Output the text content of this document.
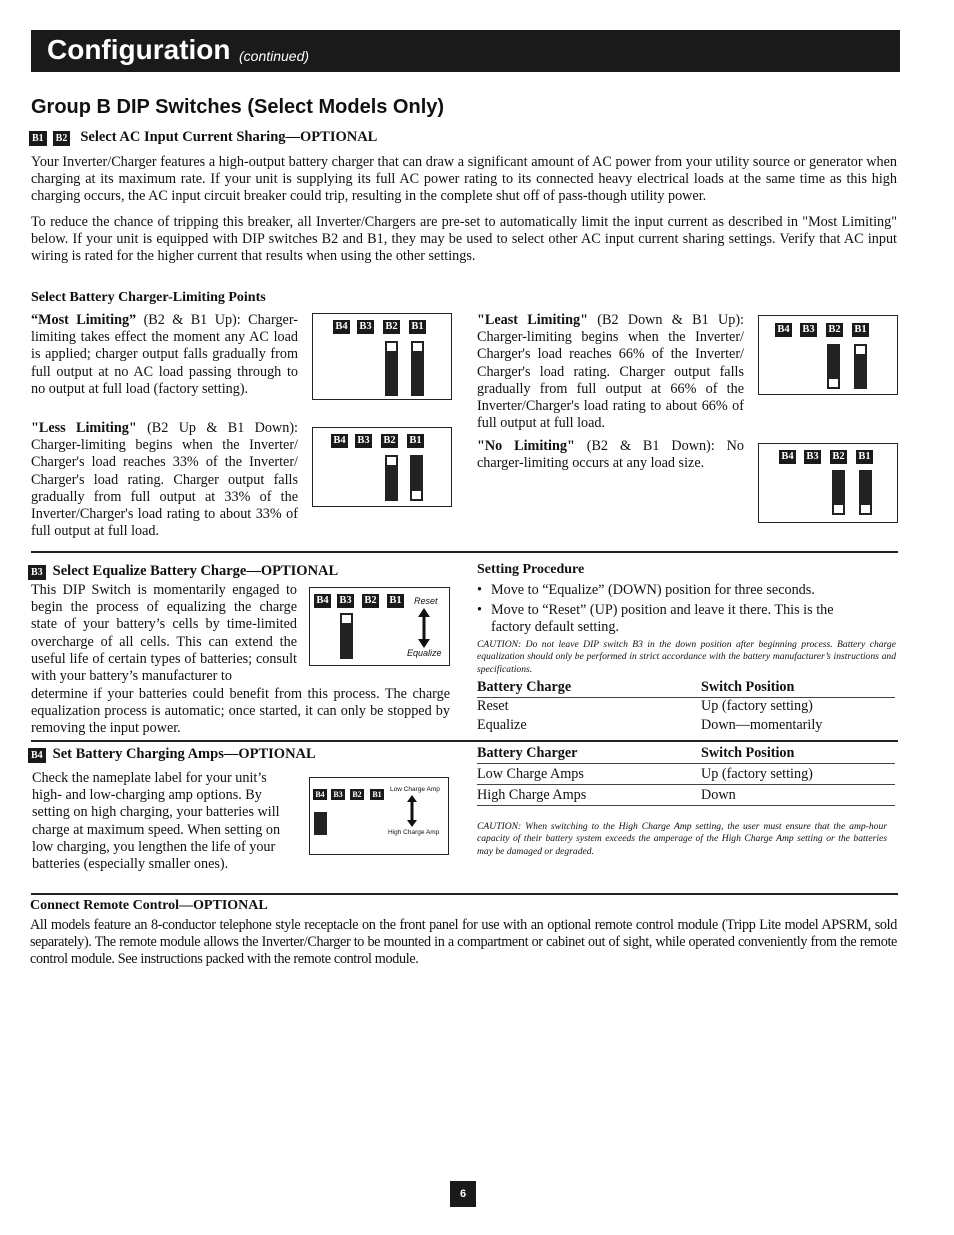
Configuration (continued)
Group B DIP Switches (Select Models Only)
B1 B2 Select AC Input Current Sharing—OPTIONAL
Your Inverter/Charger features a high-output battery charger that can draw a significant amount of AC power from your utility source or generator when charging at its maximum rate. If your unit is supplying its full AC power rating to its connected heavy electrical loads at the same time as this high charging occurs, the AC input circuit breaker could trip, resulting in the complete shut off of pass-though utility power.
To reduce the chance of tripping this breaker, all Inverter/Chargers are pre-set to automatically limit the input current as described in "Most Limiting" below. If your unit is equipped with DIP switches B2 and B1, they may be used to select other AC input current sharing settings. Verify that AC input wiring is rated for the higher current that results when using the other settings.
Select Battery Charger-Limiting Points
“Most Limiting” (B2 & B1 Up): Charger-limiting takes effect the moment any AC load is applied; charger output falls gradually from full output at no AC load passing through to no output at full load (factory setting).
"Less Limiting" (B2 Up & B1 Down): Charger-limiting begins when the Inverter/ Charger's load reaches 33% of the Inverter/ Charger's load rating. Charger output falls gradually from full output at 33% of the Inverter/Charger's load rating to about 33% of full output at full load.
"Least Limiting" (B2 Down & B1 Up): Charger-limiting begins when the Inverter/ Charger's load reaches 66% of the Inverter/ Charger's load rating. Charger output falls gradually from full output at 66% of the Inverter/Charger's load rating to about 66% of full output at full load.
"No Limiting" (B2 & B1 Down): No charger-limiting occurs at any load size.
B4 B3 B2 B1
B4 B3 B2 B1
B4 B3 B2 B1
B4 B3 B2 B1
B3 Select Equalize Battery Charge—OPTIONAL
This DIP Switch is momentarily engaged to begin the process of equalizing the charge state of your battery’s cells by time-limited overcharge of all cells. This can extend the useful life of certain types of batteries; consult with your battery’s manufacturer to
determine if your batteries could benefit from this process. The charge equalization process is automatic; once started, it can only be stopped by removing the input power.
B4 B3 B2 B1 Reset
Equalize
Setting Procedure
• Move to “Equalize” (DOWN) position for three seconds.
• Move to “Reset” (UP) position and leave it there. This is the factory default setting.
CAUTION: Do not leave DIP switch B3 in the down position after beginning process. Battery charge equalization should only be performed in strict accordance with the battery manufacturer’s instructions and specifications.
Battery Charge	Switch Position
Reset	Up (factory setting)
Equalize	Down—momentarily
B4 Set Battery Charging Amps—OPTIONAL
Check the nameplate label for your unit’s high- and low-charging amp options. By setting on high charging, your batteries will charge at maximum speed. When setting on low charging, you lengthen the life of your batteries (especially smaller ones).
B4 B3 B2 B1
Low Charge Amp
High Charge Amp
Battery Charger	Switch Position
Low Charge Amps	Up (factory setting)
High Charge Amps	Down
CAUTION: When switching to the High Charge Amp setting, the user must ensure that the amp-hour capacity of their battery system exceeds the amperage of the High Charge Amp setting or the batteries may be damaged or degraded.
Connect Remote Control—OPTIONAL
All models feature an 8-conductor telephone style receptacle on the front panel for use with an optional remote control module (Tripp Lite model APSRM, sold separately). The remote module allows the Inverter/Charger to be mounted in a compartment or cabinet out of sight, while operated conveniently from the remote control module. See instructions packed with the remote control module.
6
